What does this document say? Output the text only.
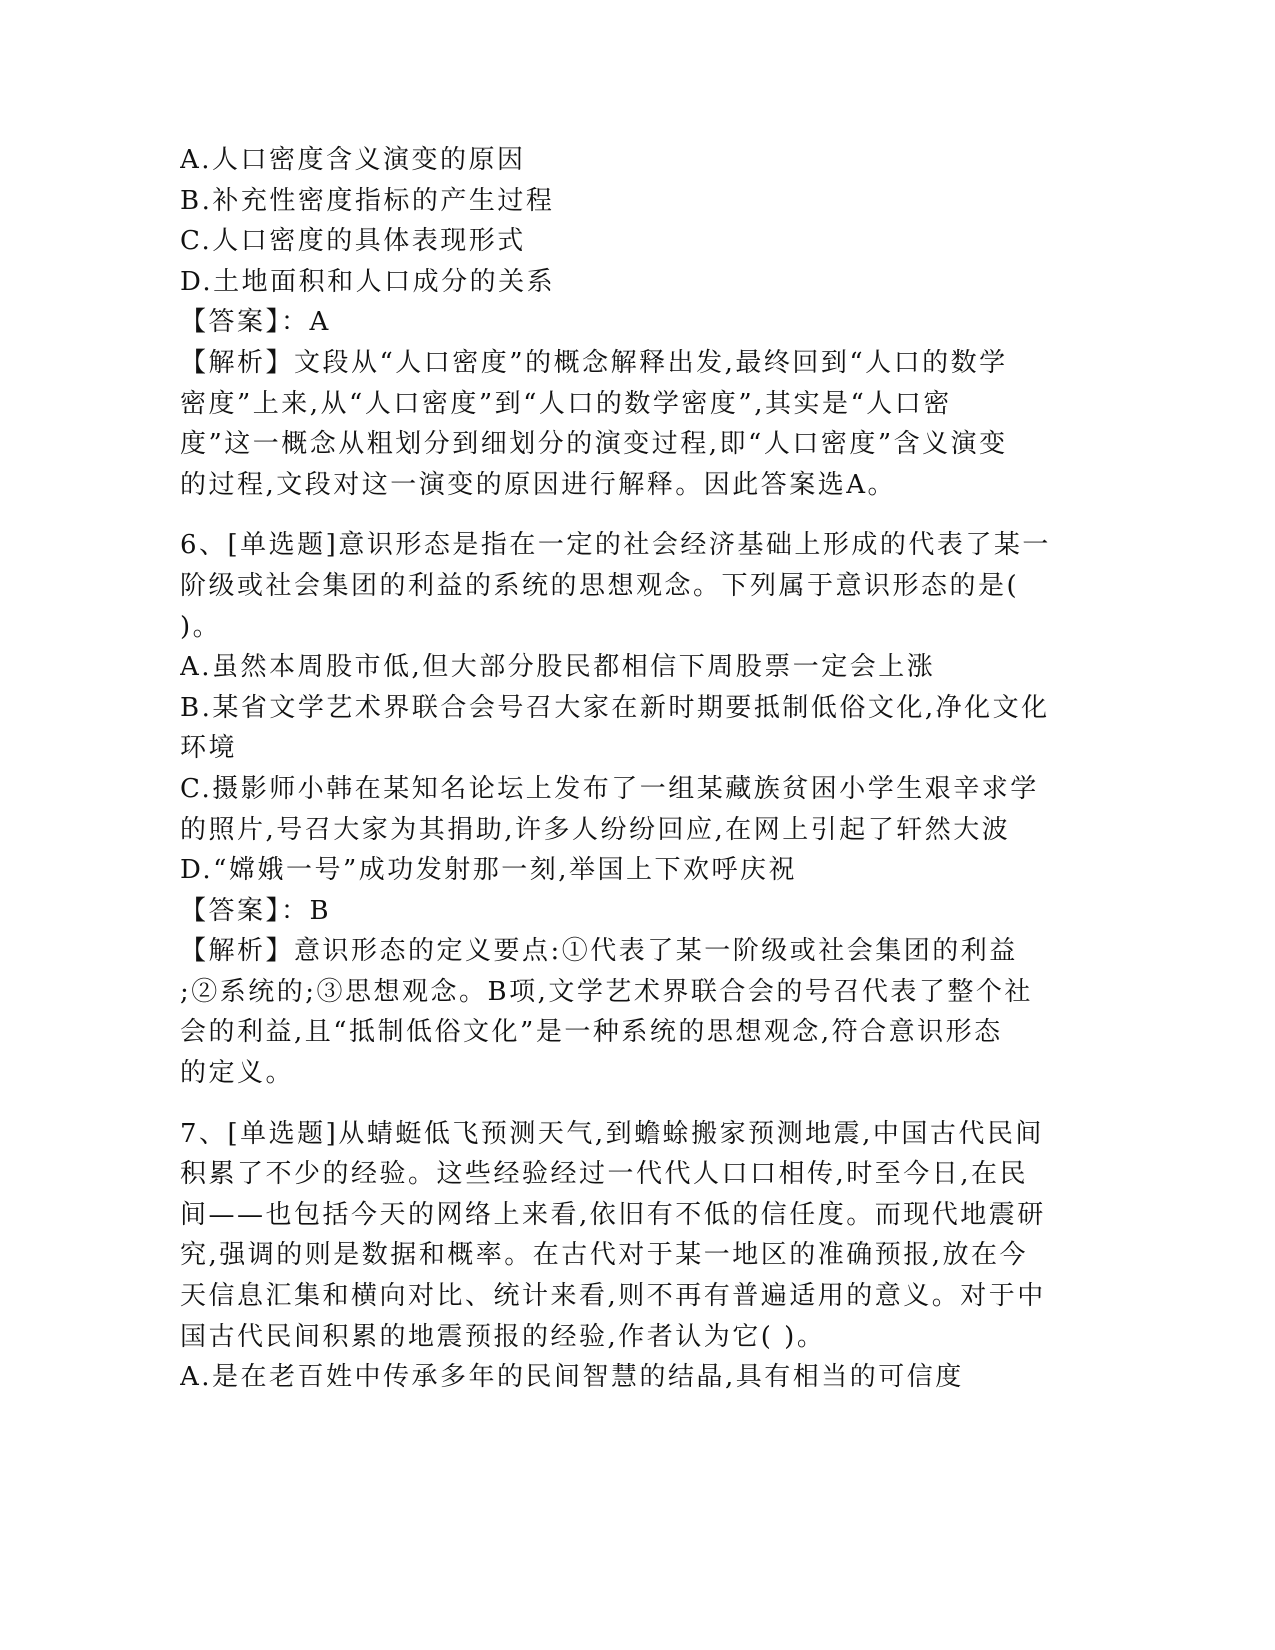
A.人口密度含义演变的原因
B.补充性密度指标的产生过程
C.人口密度的具体表现形式
D.土地面积和人口成分的关系
【答案】：A
【解析】文段从“人口密度”的概念解释出发,最终回到“人口的数学
密度”上来,从“人口密度”到“人口的数学密度”,其实是“人口密
度”这一概念从粗划分到细划分的演变过程,即“人口密度”含义演变
的过程,文段对这一演变的原因进行解释。因此答案选A。
6、[单选题]意识形态是指在一定的社会经济基础上形成的代表了某一
阶级或社会集团的利益的系统的思想观念。下列属于意识形态的是(
)。
A.虽然本周股市低,但大部分股民都相信下周股票一定会上涨
B.某省文学艺术界联合会号召大家在新时期要抵制低俗文化,净化文化
环境
C.摄影师小韩在某知名论坛上发布了一组某藏族贫困小学生艰辛求学
的照片,号召大家为其捐助,许多人纷纷回应,在网上引起了轩然大波
D.“嫦娥一号”成功发射那一刻,举国上下欢呼庆祝
【答案】：B
【解析】意识形态的定义要点:①代表了某一阶级或社会集团的利益
;②系统的;③思想观念。B项,文学艺术界联合会的号召代表了整个社
会的利益,且“抵制低俗文化”是一种系统的思想观念,符合意识形态
的定义。
7、[单选题]从蜻蜓低飞预测天气,到蟾蜍搬家预测地震,中国古代民间
积累了不少的经验。这些经验经过一代代人口口相传,时至今日,在民
间——也包括今天的网络上来看,依旧有不低的信任度。而现代地震研
究,强调的则是数据和概率。在古代对于某一地区的准确预报,放在今
天信息汇集和横向对比、统计来看,则不再有普遍适用的意义。对于中
国古代民间积累的地震预报的经验,作者认为它( )。
A.是在老百姓中传承多年的民间智慧的结晶,具有相当的可信度
